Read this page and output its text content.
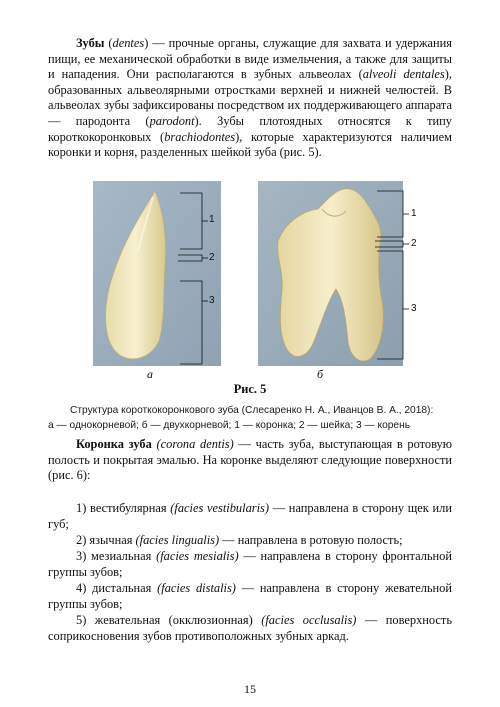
Зубы (dentes) — прочные органы, служащие для захвата и удержания пищи, ее механической обработки в виде измельчения, а также для защиты и нападения. Они располагаются в зубных альвеолах (alveoli dentales), образованных альвеолярными отростками верхней и нижней челюстей. В альвеолах зубы зафиксированы посредством их поддерживающего аппарата — пародонта (parodont). Зубы плотоядных относятся к типу короткокоронковых (brachiodontes), которые характеризуются наличием коронки и корня, разделенных шейкой зуба (рис. 5).

1
2
3
1
2
3
а	б
Рис. 5
Структура короткокоронкового зуба (Слесаренко Н. А., Иванцов В. А., 2018):
а — однокорневой; б — двухкорневой; 1 — коронка; 2 — шейка; 3 — корень

Коронка зуба (corona dentis) — часть зуба, выступающая в ротовую полость и покрытая эмалью. На коронке выделяют следующие поверхности (рис. 6):

1) вестибулярная (facies vestibularis) — направлена в сторону щек или губ;

2) язычная (facies lingualis) — направлена в ротовую полость;

3) мезиальная (facies mesialis) — направлена в сторону фронтальной группы зубов;

4) дистальная (facies distalis) — направлена в сторону жевательной группы зубов;

5) жевательная (окклюзионная) (facies occlusalis) — поверхность соприкосновения зубов противоположных зубных аркад.

15
